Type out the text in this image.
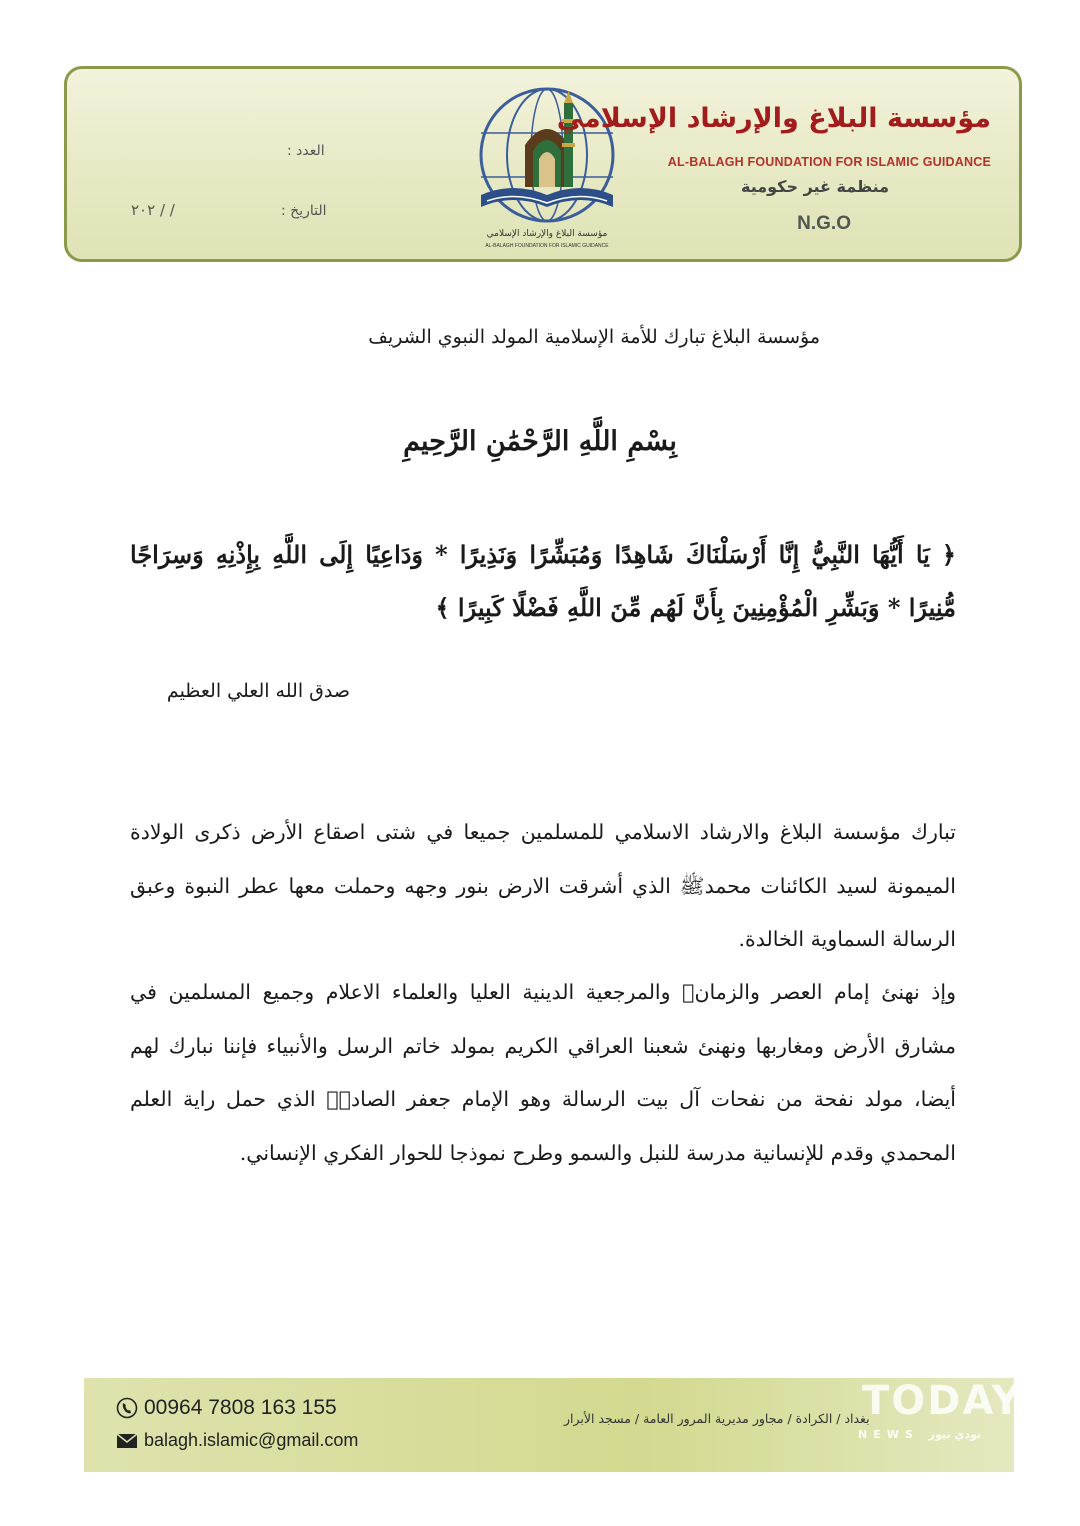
العدد :
التاريخ :
/ / ٢٠٢
مؤسسة البلاغ والإرشاد الإسلامي
AL-BALAGH FOUNDATION FOR ISLAMIC GUIDANCE
مؤسسة البلاغ والإرشاد الإسلامي
AL-BALAGH FOUNDATION FOR ISLAMIC GUIDANCE
منظمة غير حكومية
N.G.O
مؤسسة البلاغ تبارك للأمة الإسلامية المولد النبوي الشريف
بِسْمِ اللَّهِ الرَّحْمَٰنِ الرَّحِيمِ
﴿ يَا أَيُّهَا النَّبِيُّ إِنَّا أَرْسَلْنَاكَ شَاهِدًا وَمُبَشِّرًا وَنَذِيرًا * وَدَاعِيًا إِلَى اللَّهِ بِإِذْنِهِ وَسِرَاجًا مُّنِيرًا * وَبَشِّرِ الْمُؤْمِنِينَ بِأَنَّ لَهُم مِّنَ اللَّهِ فَضْلًا كَبِيرًا ﴾
صدق الله العلي العظيم

تبارك مؤسسة البلاغ والارشاد الاسلامي للمسلمين جميعا في شتى اصقاع الأرض ذكرى الولادة الميمونة لسيد الكائنات محمدﷺ الذي أشرقت الارض بنور وجهه وحملت معها عطر النبوة وعبق الرسالة السماوية الخالدة.

وإذ نهنئ إمام العصر والزمانﷺ والمرجعية الدينية العليا والعلماء الاعلام وجميع المسلمين في مشارق الأرض ومغاربها ونهنئ شعبنا العراقي الكريم بمولد خاتم الرسل والأنبياء فإننا نبارك لهم أيضا، مولد نفحة من نفحات آل بيت الرسالة وهو الإمام جعفر الصادقؑ الذي حمل راية العلم المحمدي وقدم للإنسانية مدرسة للنبل والسمو وطرح نموذجا للحوار الفكري الإنساني.

00964 7808 163 155
balagh.islamic@gmail.com
بغداد / الكرادة / مجاور مديرية المرور العامة / مسجد الأبرار
TODAY
NEWS تودي نيوز
